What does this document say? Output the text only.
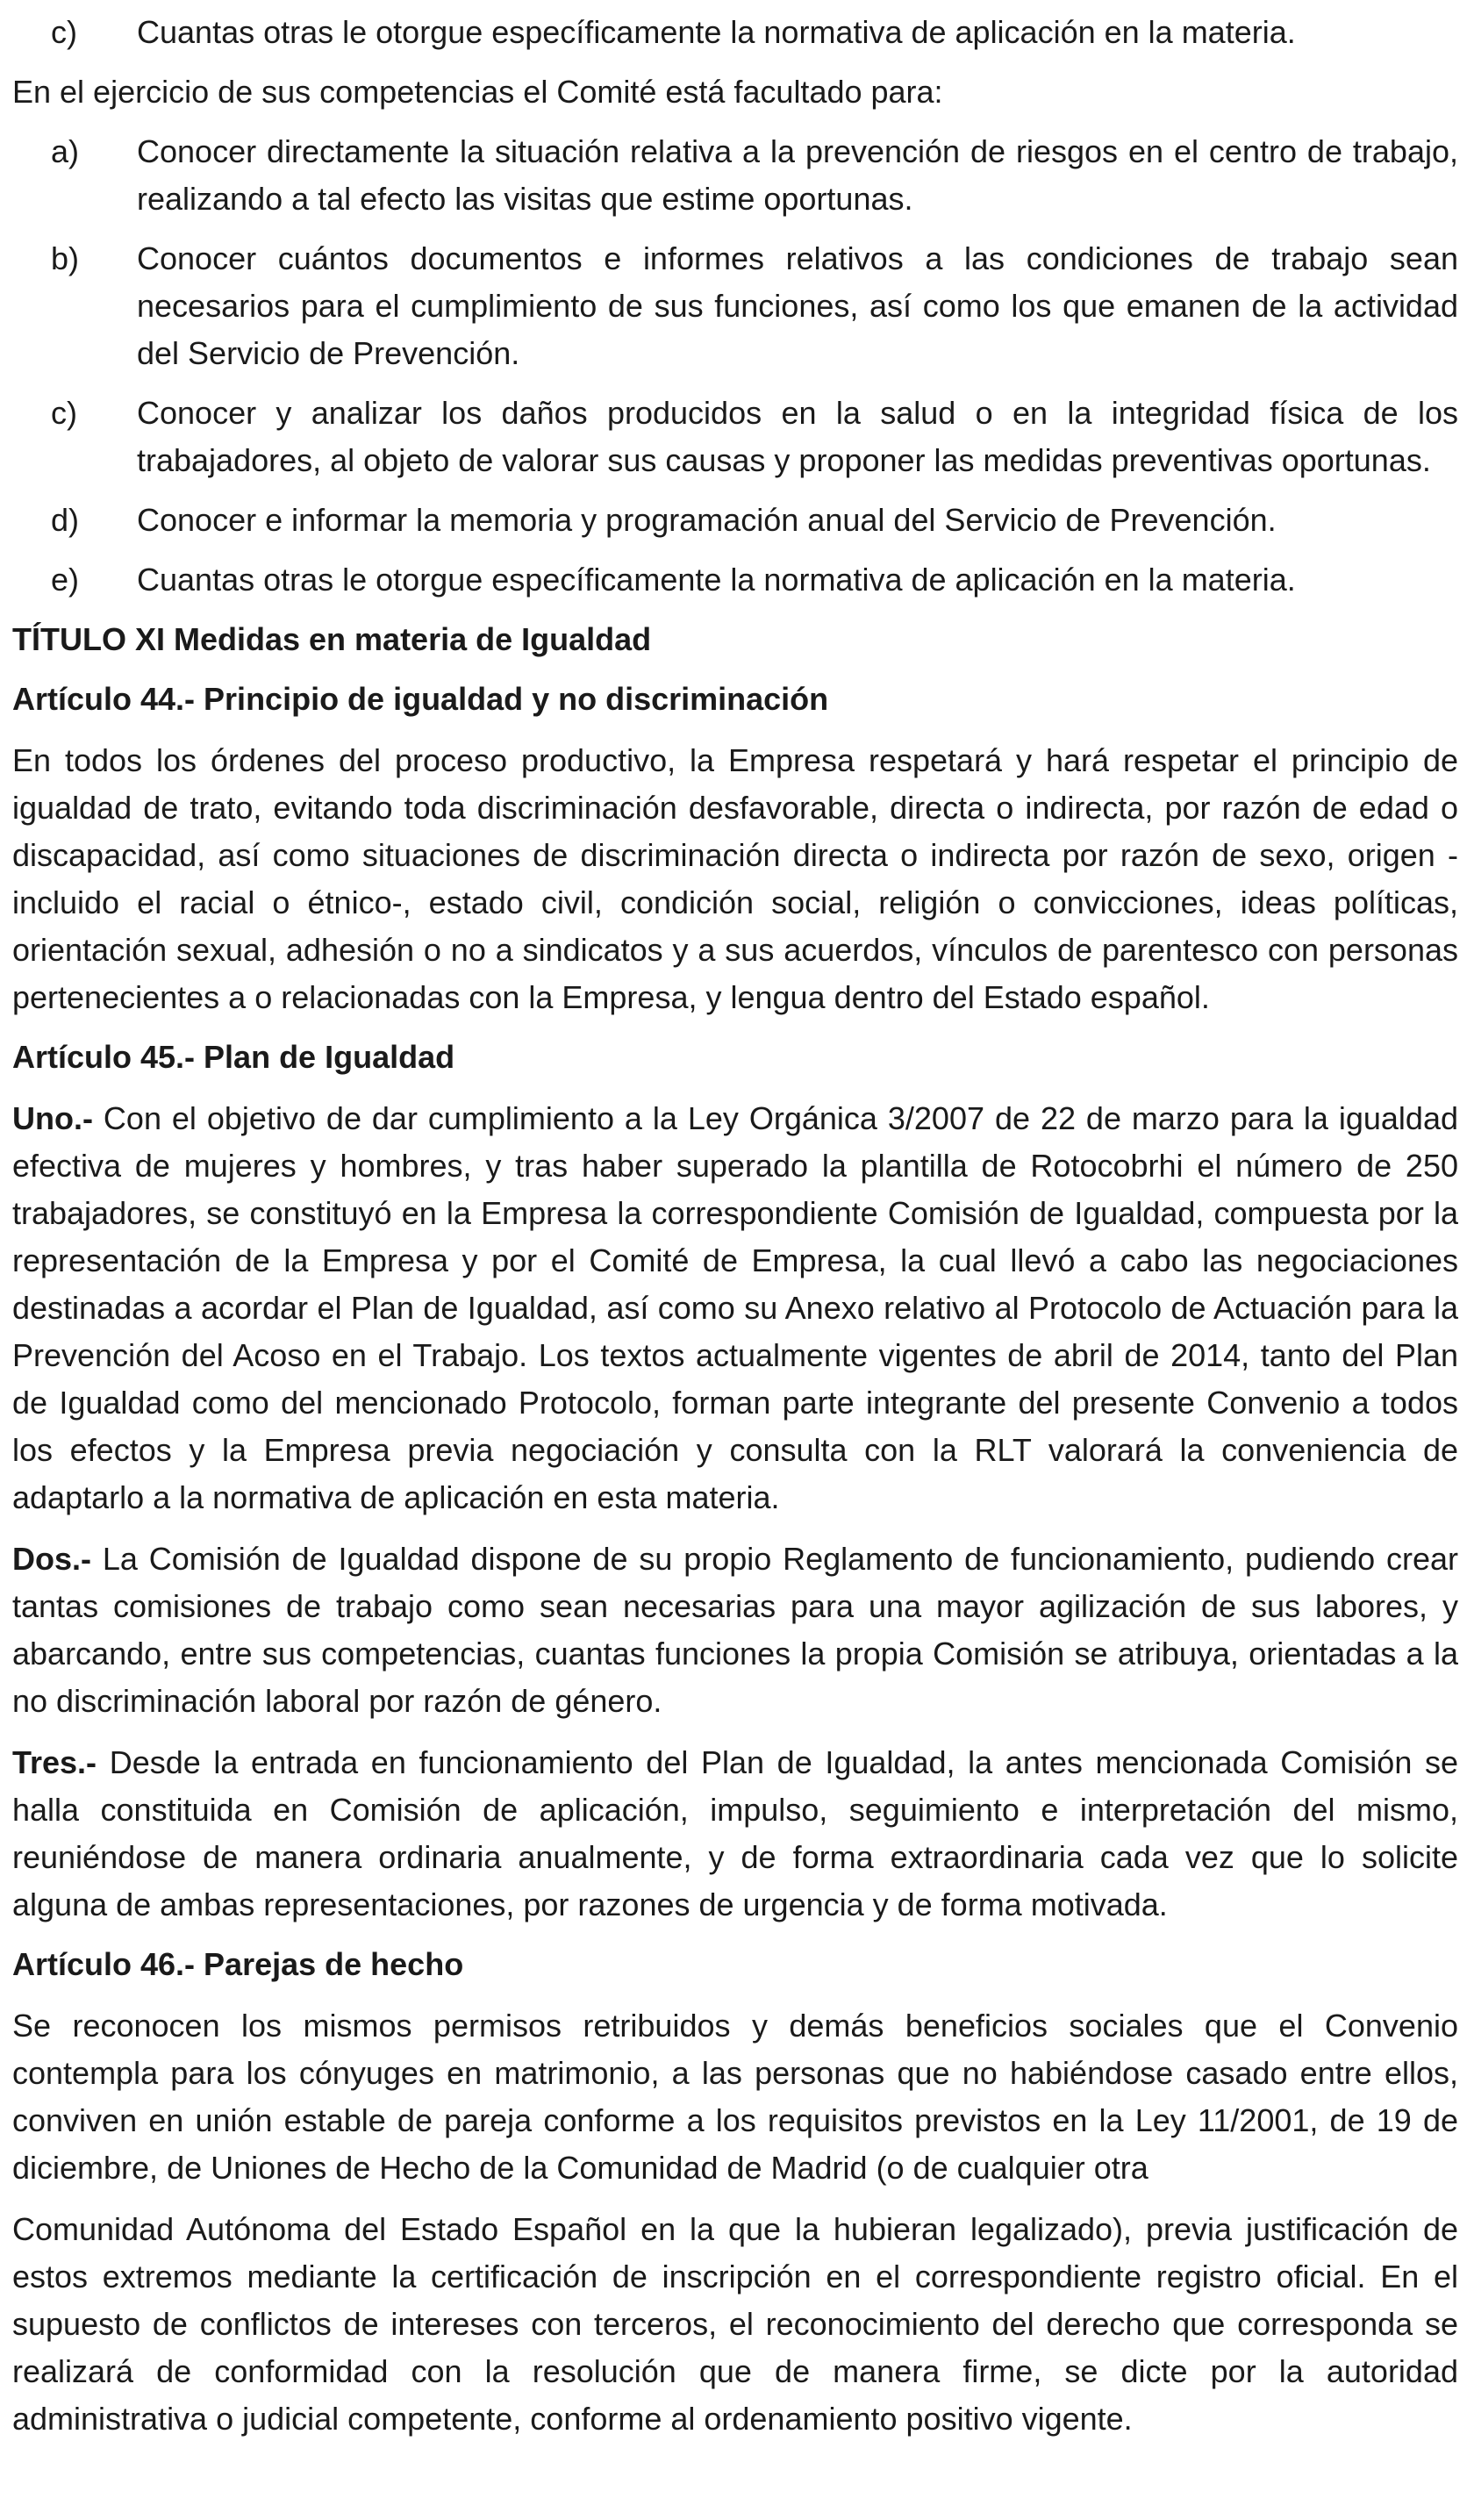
c)	Cuantas otras le otorgue específicamente la normativa de aplicación en la materia.

En el ejercicio de sus competencias el Comité está facultado para:

a)	Conocer directamente la situación relativa a la prevención de riesgos en el centro de trabajo, realizando a tal efecto las visitas que estime oportunas.
b)	Conocer cuántos documentos e informes relativos a las condiciones de trabajo sean necesarios para el cumplimiento de sus funciones, así como los que emanen de la actividad del Servicio de Prevención.
c)	Conocer y analizar los daños producidos en la salud o en la integridad física de los trabajadores, al objeto de valorar sus causas y proponer las medidas preventivas oportunas.
d)	Conocer e informar la memoria y programación anual del Servicio de Prevención.
e)	Cuantas otras le otorgue específicamente la normativa de aplicación en la materia.

TÍTULO XI Medidas en materia de Igualdad

Artículo 44.- Principio de igualdad y no discriminación

En todos los órdenes del proceso productivo, la Empresa respetará y hará respetar el principio de igualdad de trato, evitando toda discriminación desfavorable, directa o indirecta, por razón de edad o discapacidad, así como situaciones de discriminación directa o indirecta por razón de sexo, origen - incluido el racial o étnico-, estado civil, condición social, religión o convicciones, ideas políticas, orientación sexual, adhesión o no a sindicatos y a sus acuerdos, vínculos de parentesco con personas pertenecientes a o relacionadas con la Empresa, y lengua dentro del Estado español.

Artículo 45.- Plan de Igualdad

Uno.- Con el objetivo de dar cumplimiento a la Ley Orgánica 3/2007 de 22 de marzo para la igualdad efectiva de mujeres y hombres, y tras haber superado la plantilla de Rotocobrhi el número de 250 trabajadores, se constituyó en la Empresa la correspondiente Comisión de Igualdad, compuesta por la representación de la Empresa y por el Comité de Empresa, la cual llevó a cabo las negociaciones destinadas a acordar el Plan de Igualdad, así como su Anexo relativo al Protocolo de Actuación para la Prevención del Acoso en el Trabajo. Los textos actualmente vigentes de abril de 2014, tanto del Plan de Igualdad como del mencionado Protocolo, forman parte integrante del presente Convenio a todos los efectos y la Empresa previa negociación y consulta con la RLT valorará la conveniencia de adaptarlo a la normativa de aplicación en esta materia.

Dos.- La Comisión de Igualdad dispone de su propio Reglamento de funcionamiento, pudiendo crear tantas comisiones de trabajo como sean necesarias para una mayor agilización de sus labores, y abarcando, entre sus competencias, cuantas funciones la propia Comisión se atribuya, orientadas a la no discriminación laboral por razón de género.

Tres.- Desde la entrada en funcionamiento del Plan de Igualdad, la antes mencionada Comisión se halla constituida en Comisión de aplicación, impulso, seguimiento e interpretación del mismo, reuniéndose de manera ordinaria anualmente, y de forma extraordinaria cada vez que lo solicite alguna de ambas representaciones, por razones de urgencia y de forma motivada.

Artículo 46.- Parejas de hecho

Se reconocen los mismos permisos retribuidos y demás beneficios sociales que el Convenio contempla para los cónyuges en matrimonio, a las personas que no habiéndose casado entre ellos, conviven en unión estable de pareja conforme a los requisitos previstos en la Ley 11/2001, de 19 de diciembre, de Uniones de Hecho de la Comunidad de Madrid (o de cualquier otra

Comunidad Autónoma del Estado Español en la que la hubieran legalizado), previa justificación de estos extremos mediante la certificación de inscripción en el correspondiente registro oficial. En el supuesto de conflictos de intereses con terceros, el reconocimiento del derecho que corresponda se realizará de conformidad con la resolución que de manera firme, se dicte por la autoridad administrativa o judicial competente, conforme al ordenamiento positivo vigente.
